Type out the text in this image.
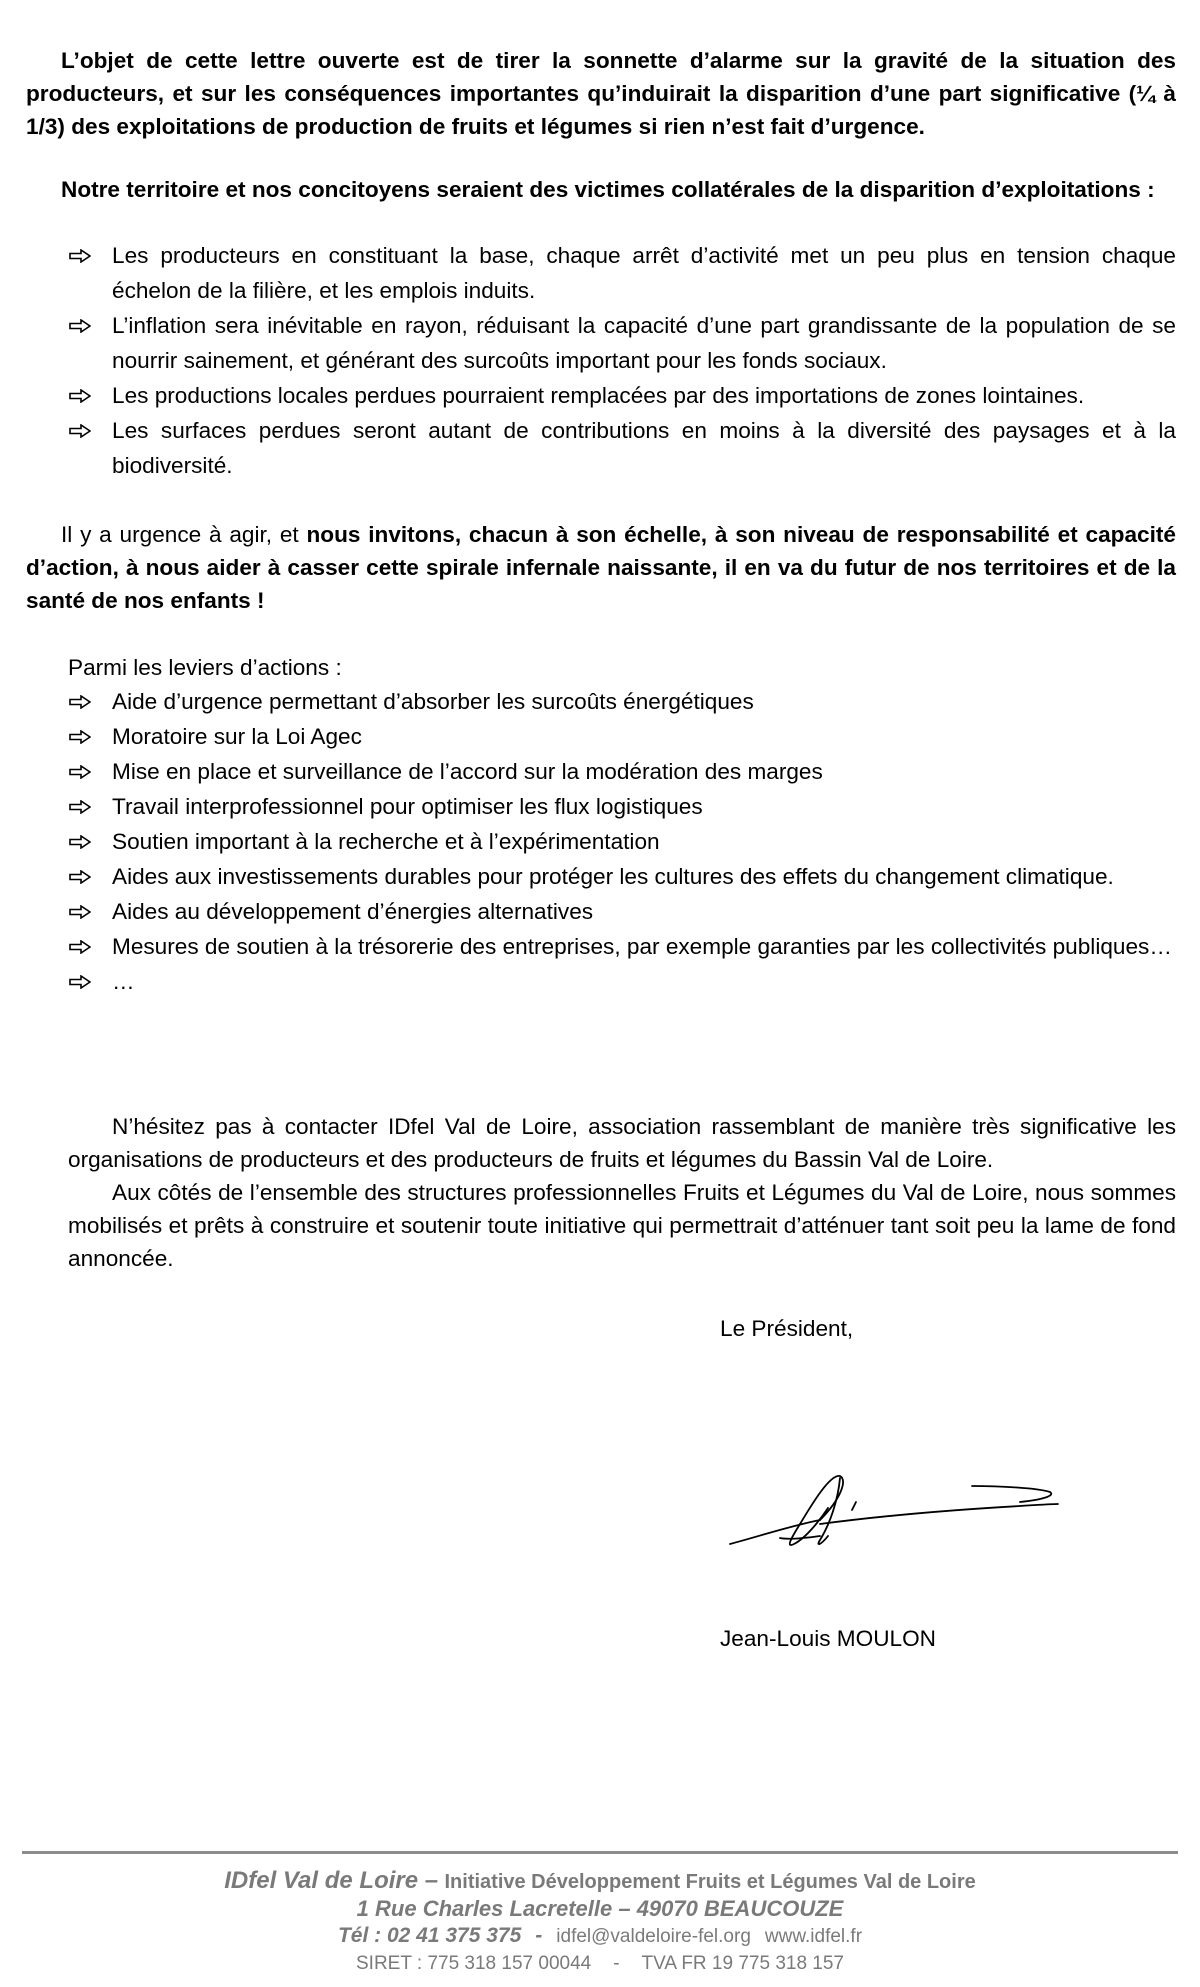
L’objet de cette lettre ouverte est de tirer la sonnette d’alarme sur la gravité de la situation des producteurs, et sur les conséquences importantes qu’induirait la disparition d’une part significative (¼ à 1/3) des exploitations de production de fruits et légumes si rien n’est fait d’urgence.
Notre territoire et nos concitoyens seraient des victimes collatérales de la disparition d’exploitations :
Les producteurs en constituant la base, chaque arrêt d’activité met un peu plus en tension chaque échelon de la filière, et les emplois induits.
L’inflation sera inévitable en rayon, réduisant la capacité d’une part grandissante de la population de se nourrir sainement, et générant des surcoûts important pour les fonds sociaux.
Les productions locales perdues pourraient remplacées par des importations de zones lointaines.
Les surfaces perdues seront autant de contributions en moins à la diversité des paysages et à la biodiversité.
Il y a urgence à agir, et nous invitons, chacun à son échelle, à son niveau de responsabilité et capacité d’action, à nous aider à casser cette spirale infernale naissante, il en va du futur de nos territoires et de la santé de nos enfants !
Parmi les leviers d’actions :
Aide d’urgence permettant d’absorber les surcoûts énergétiques
Moratoire sur la Loi Agec
Mise en place et surveillance de l’accord sur la modération des marges
Travail interprofessionnel pour optimiser les flux logistiques
Soutien important à la recherche et à l’expérimentation
Aides aux investissements durables pour protéger les cultures des effets du changement climatique.
Aides au développement d’énergies alternatives
Mesures de soutien à la trésorerie des entreprises, par exemple garanties par les collectivités publiques…
…
N’hésitez pas à contacter IDfel Val de Loire, association rassemblant de manière très significative les organisations de producteurs et des producteurs de fruits et légumes du Bassin Val de Loire.
Aux côtés de l’ensemble des structures professionnelles Fruits et Légumes du Val de Loire, nous sommes mobilisés et prêts à construire et soutenir toute initiative qui permettrait d’atténuer tant soit peu la lame de fond annoncée.
Le Président,
Jean-Louis MOULON
IDfel Val de Loire – Initiative Développement Fruits et Légumes Val de Loire
1 Rue Charles Lacretelle – 49070 BEAUCOUZE
Tél : 02 41 375 375 - idfel@valdeloire-fel.org www.idfel.fr
SIRET : 775 318 157 00044 - TVA FR 19 775 318 157
